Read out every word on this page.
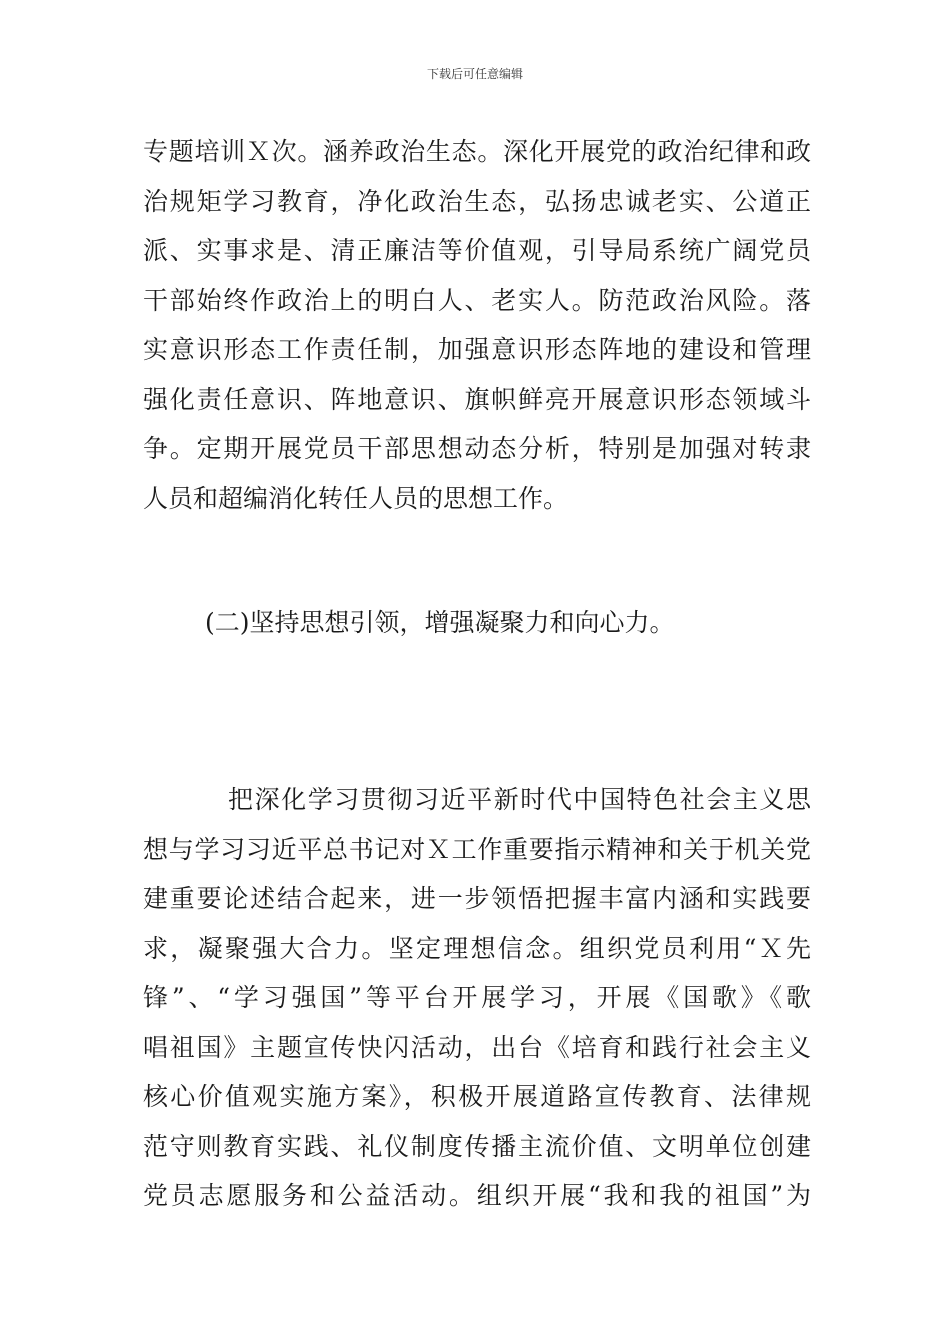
下载后可任意编辑
专题培训Ｘ次。涵养政治生态。深化开展党的政治纪律和政
治规矩学习教育，净化政治生态，弘扬忠诚老实、公道正
派、实事求是、清正廉洁等价值观，引导局系统广阔党员
干部始终作政治上的明白人、老实人。防范政治风险。落
实意识形态工作责任制，加强意识形态阵地的建设和管理
强化责任意识、阵地意识、旗帜鲜亮开展意识形态领域斗
争。定期开展党员干部思想动态分析，特别是加强对转隶
人员和超编消化转任人员的思想工作。
(二)坚持思想引领，增强凝聚力和向心力。
把深化学习贯彻习近平新时代中国特色社会主义思
想与学习习近平总书记对Ｘ工作重要指示精神和关于机关党
建重要论述结合起来，进一步领悟把握丰富内涵和实践要
求，凝聚强大合力。坚定理想信念。组织党员利用“Ｘ先
锋”、“学习强国”等平台开展学习，开展《国歌》《歌
唱祖国》主题宣传快闪活动，出台《培育和践行社会主义
核心价值观实施方案》，积极开展道路宣传教育、法律规
范守则教育实践、礼仪制度传播主流价值、文明单位创建
党员志愿服务和公益活动。组织开展“我和我的祖国”为
